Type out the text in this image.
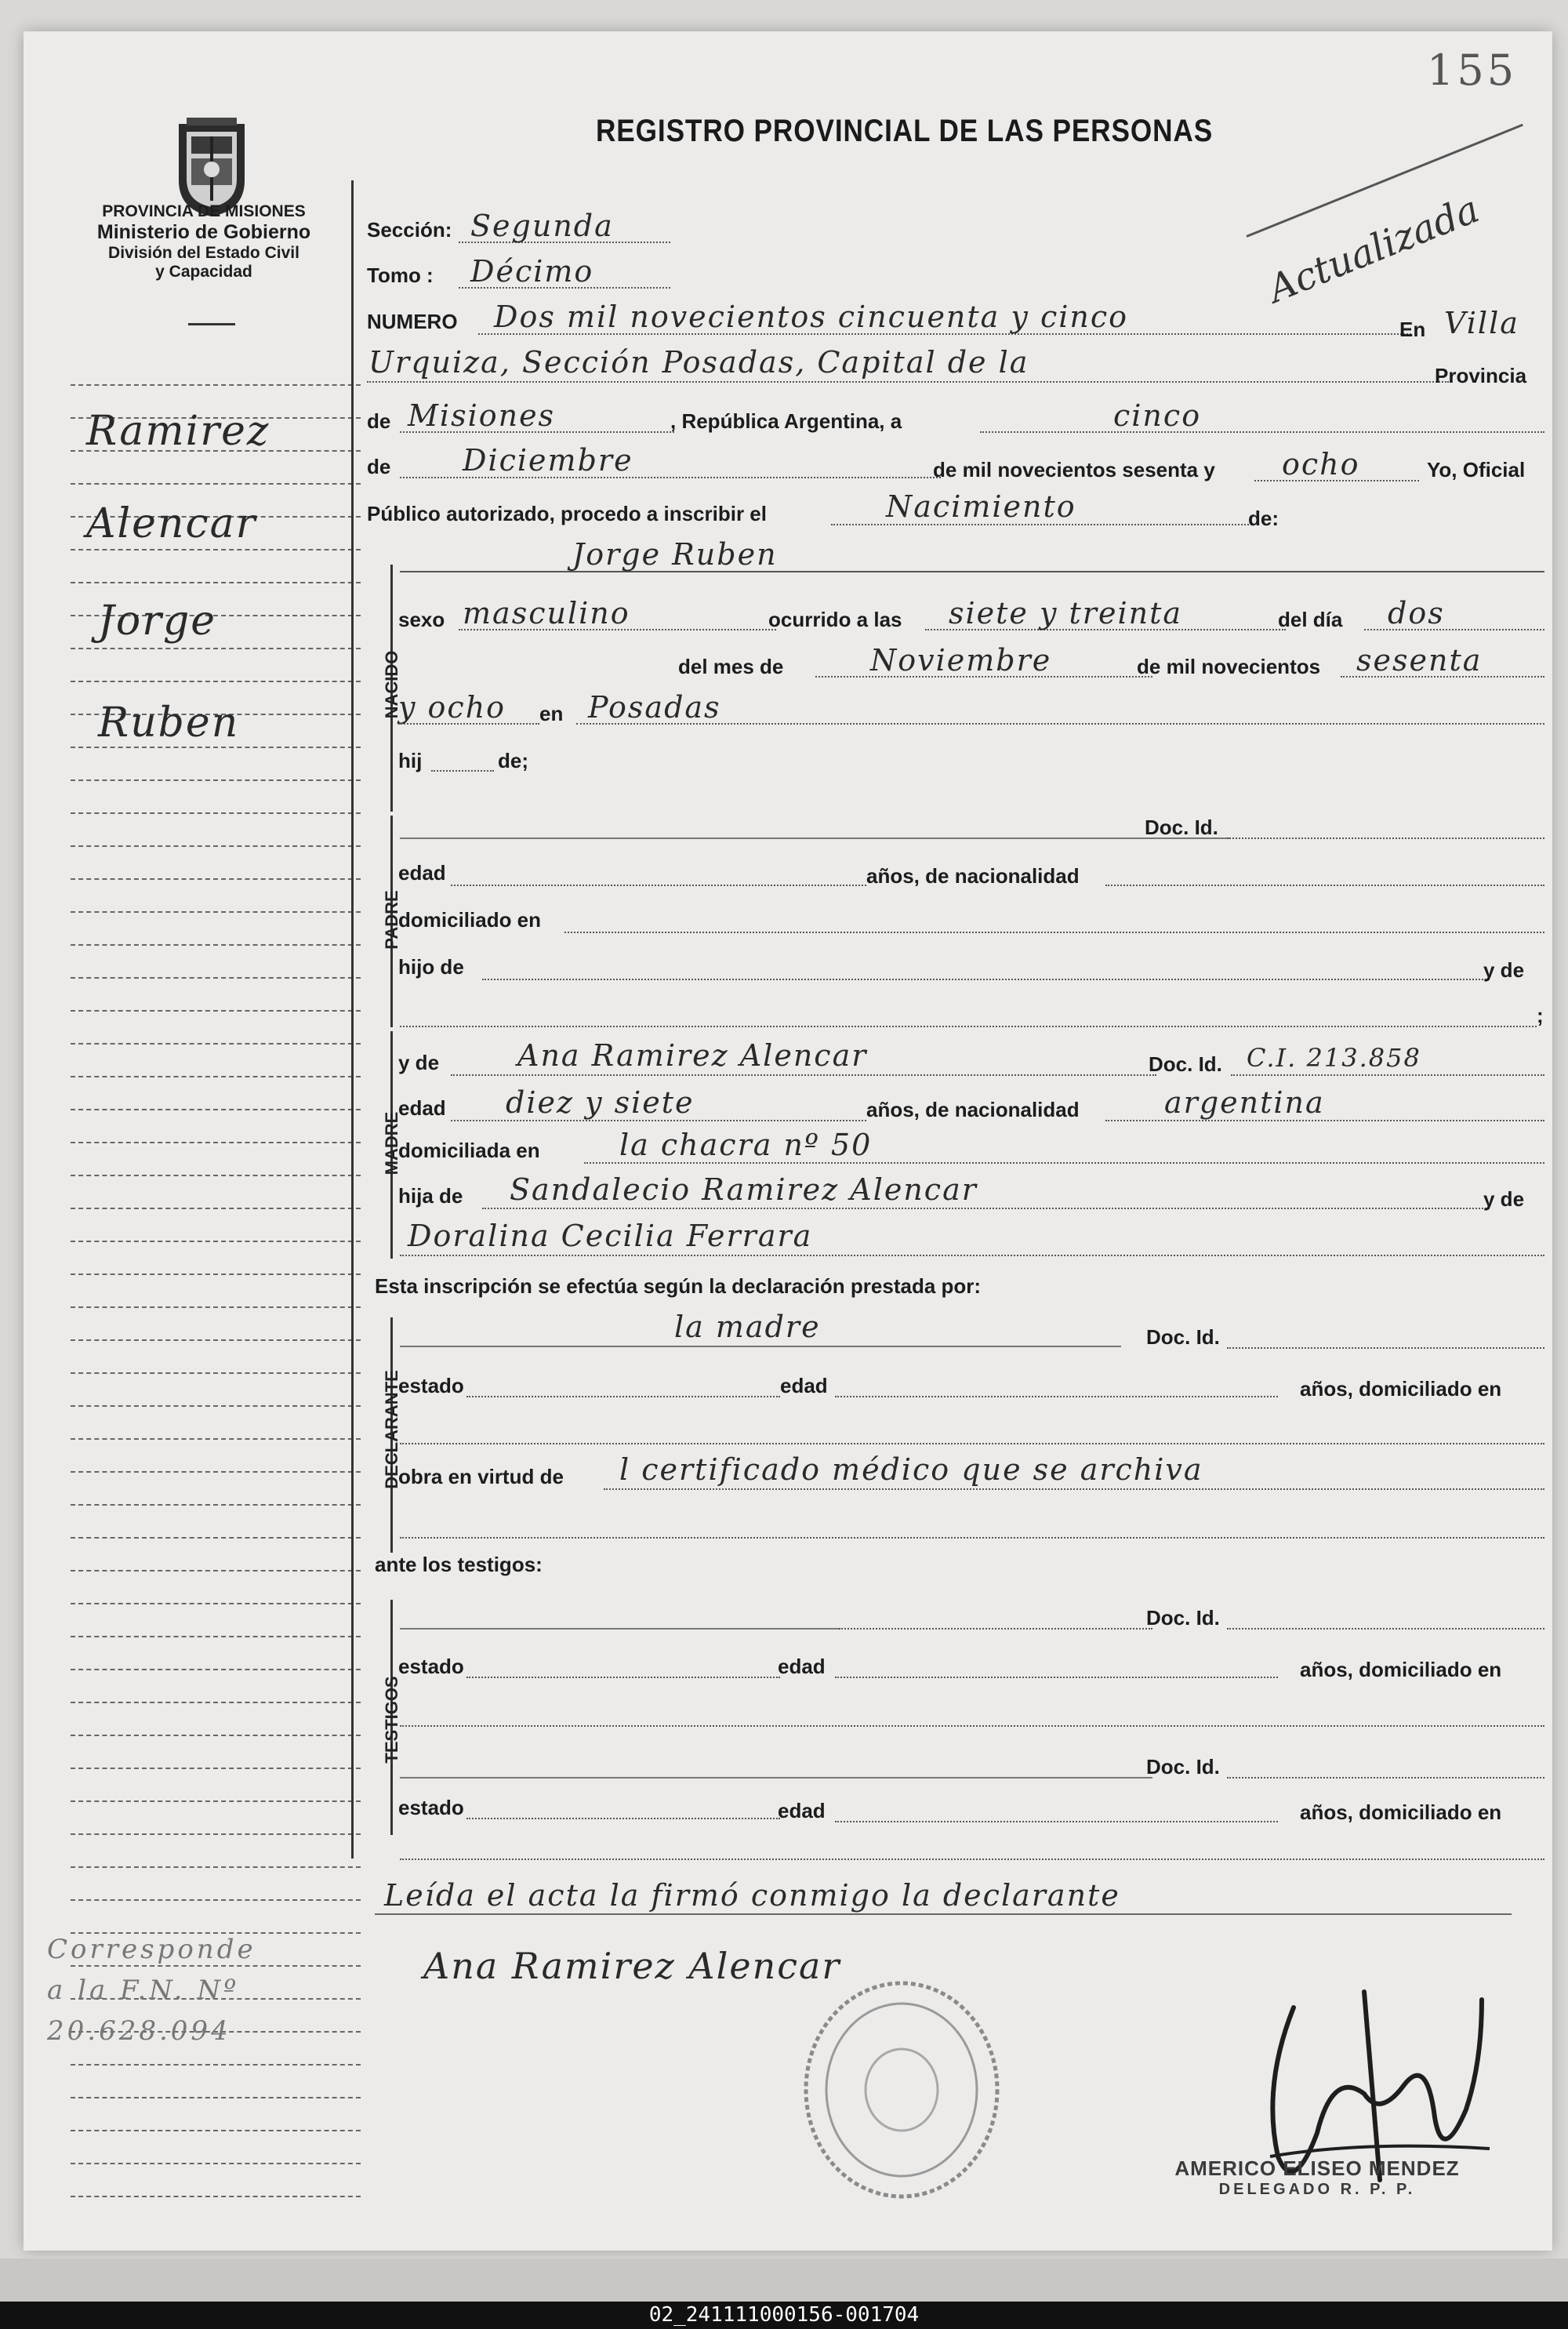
155
PROVINCIA DE MISIONES
Ministerio de Gobierno
División del Estado Civil
y Capacidad
REGISTRO PROVINCIAL DE LAS PERSONAS
Actualizada
Ramirez
Alencar
Jorge
Ruben
Corresponde
a la F.N. Nº
20.628.094
Sección: Segunda
Tomo : Décimo
NUMERO Dos mil novecientos cincuenta y cinco	En Villa
Urquiza, Sección Posadas, Capital de la	Provincia
de Misiones	, República Argentina, a	cinco
de Diciembre	de mil novecientos sesenta y ocho	Yo, Oficial
Público autorizado, procedo a inscribir el	Nacimiento	de:
NACIDO
Jorge Ruben
sexo masculino	ocurrido a las siete y treinta	del día dos
del mes de	Noviembre	de mil novecientos sesenta
y ocho en Posadas
hij	de;
PADRE
Doc. Id.
edad	años, de nacionalidad
domiciliado en
hijo de	y de
;
MADRE
y de	Ana Ramirez Alencar	Doc. Id. C.I. 213.858
edad diez y siete	años, de nacionalidad	argentina
domiciliada en	la chacra nº 50
hija de Sandalecio Ramirez Alencar	y de
Doralina Cecilia Ferrara
Esta inscripción se efectúa según la declaración prestada por:
DECLARANTE
la madre	Doc. Id.
estado	edad	años, domiciliado en
obra en virtud de l certificado médico que se archiva
ante los testigos:
TESTIGOS
Doc. Id.
estado	edad	años, domiciliado en
Doc. Id.
estado	edad	años, domiciliado en
Leída el acta la firmó conmigo la declarante
Ana Ramirez Alencar
AMERICO ELISEO MENDEZ
DELEGADO R. P. P.
02_241111000156-001704
